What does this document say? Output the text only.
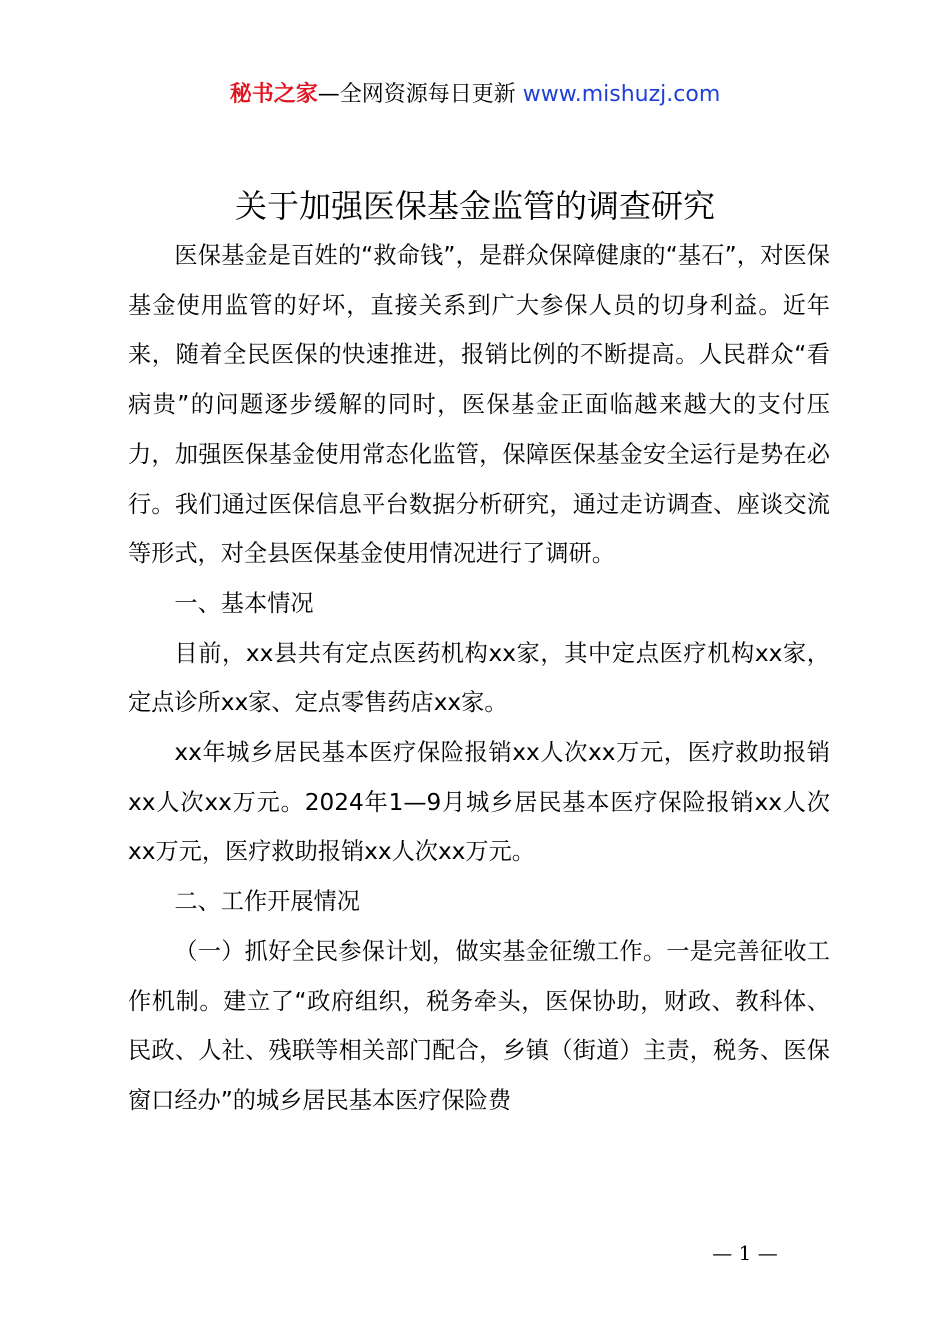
秘书之家—全网资源每日更新 www.mishuzj.com
关于加强医保基金监管的调查研究

医保基金是百姓的“救命钱”，是群众保障健康的“基石”，对医保基金使用监管的好坏，直接关系到广大参保人员的切身利益。近年来，随着全民医保的快速推进，报销比例的不断提高。人民群众“看病贵”的问题逐步缓解的同时，医保基金正面临越来越大的支付压力，加强医保基金使用常态化监管，保障医保基金安全运行是势在必行。我们通过医保信息平台数据分析研究，通过走访调查、座谈交流等形式，对全县医保基金使用情况进行了调研。

一、基本情况

目前，xx县共有定点医药机构xx家，其中定点医疗机构xx家，定点诊所xx家、定点零售药店xx家。

xx年城乡居民基本医疗保险报销xx人次xx万元，医疗救助报销xx人次xx万元。2024年1—9月城乡居民基本医疗保险报销xx人次xx万元，医疗救助报销xx人次xx万元。

二、工作开展情况

（一）抓好全民参保计划，做实基金征缴工作。一是完善征收工作机制。建立了“政府组织，税务牵头，医保协助，财政、教科体、民政、人社、残联等相关部门配合，乡镇（街道）主责，税务、医保窗口经办”的城乡居民基本医疗保险费

— 1 —
